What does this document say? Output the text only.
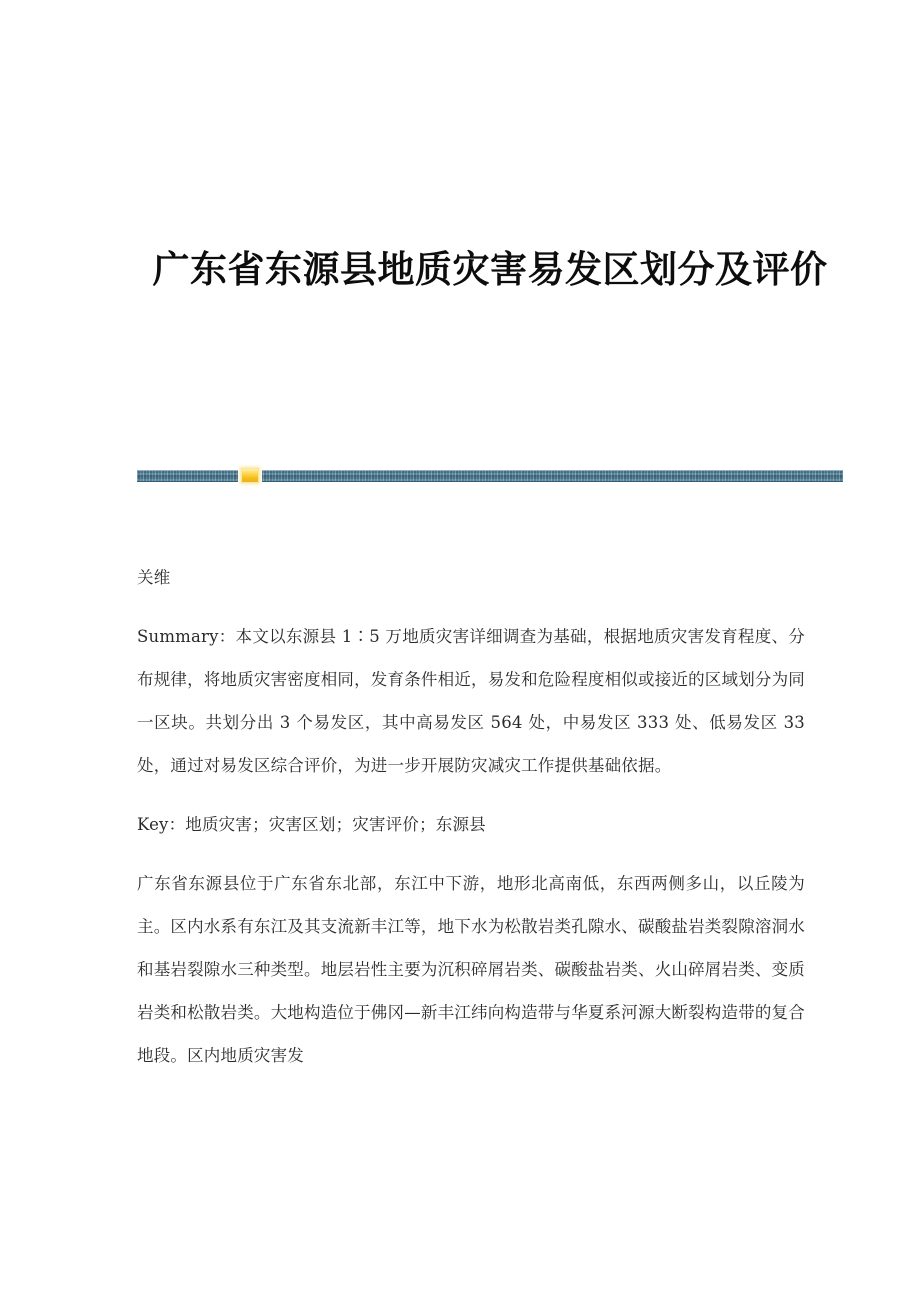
广东省东源县地质灾害易发区划分及评价

关维

Summary：本文以东源县 1∶5 万地质灾害详细调查为基础，根据地质灾害发育程度、分布规律，将地质灾害密度相同，发育条件相近，易发和危险程度相似或接近的区域划分为同一区块。共划分出 3 个易发区，其中高易发区 564 处，中易发区 333 处、低易发区 33 处，通过对易发区综合评价，为进一步开展防灾减灾工作提供基础依据。

Key：地质灾害；灾害区划；灾害评价；东源县

广东省东源县位于广东省东北部，东江中下游，地形北高南低，东西两侧多山，以丘陵为主。区内水系有东江及其支流新丰江等，地下水为松散岩类孔隙水、碳酸盐岩类裂隙溶洞水和基岩裂隙水三种类型。地层岩性主要为沉积碎屑岩类、碳酸盐岩类、火山碎屑岩类、变质岩类和松散岩类。大地构造位于佛冈—新丰江纬向构造带与华夏系河源大断裂构造带的复合地段。区内地质灾害发
